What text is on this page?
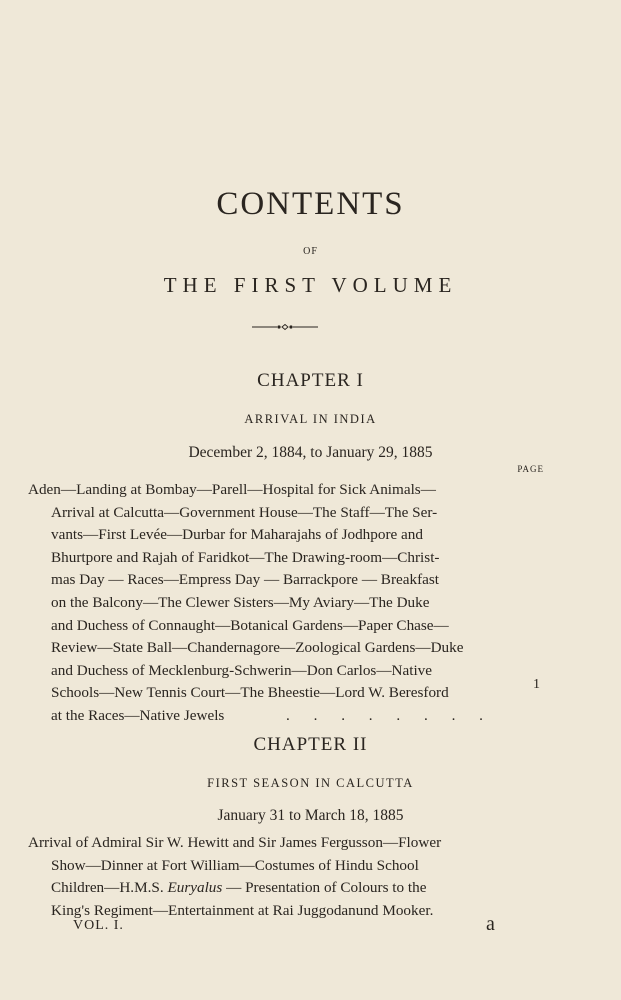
CONTENTS
OF
THE FIRST VOLUME
CHAPTER I
ARRIVAL IN INDIA
December 2, 1884, to January 29, 1885
PAGE
Aden—Landing at Bombay—Parell—Hospital for Sick Animals—
Arrival at Calcutta—Government House—The Staff—The Ser-
vants—First Levée—Durbar for Maharajahs of Jodhpore and
Bhurtpore and Rajah of Faridkot—The Drawing-room—Christ-
mas Day — Races—Empress Day — Barrackpore — Breakfast
on the Balcony—The Clewer Sisters—My Aviary—The Duke
and Duchess of Connaught—Botanical Gardens—Paper Chase—
Review—State Ball—Chandernagore—Zoological Gardens—Duke
and Duchess of Mecklenburg-Schwerin—Don Carlos—Native
Schools—New Tennis Court—The Bheestie—Lord W. Beresford
at the Races—Native Jewels	. . . . . . . .
1
CHAPTER II
FIRST SEASON IN CALCUTTA
January 31 to March 18, 1885
Arrival of Admiral Sir W. Hewitt and Sir James Fergusson—Flower
Show—Dinner at Fort William—Costumes of Hindu School
Children—H.M.S. Euryalus — Presentation of Colours to the
King's Regiment—Entertainment at Rai Juggodanund Mooker.
VOL. I.	a
